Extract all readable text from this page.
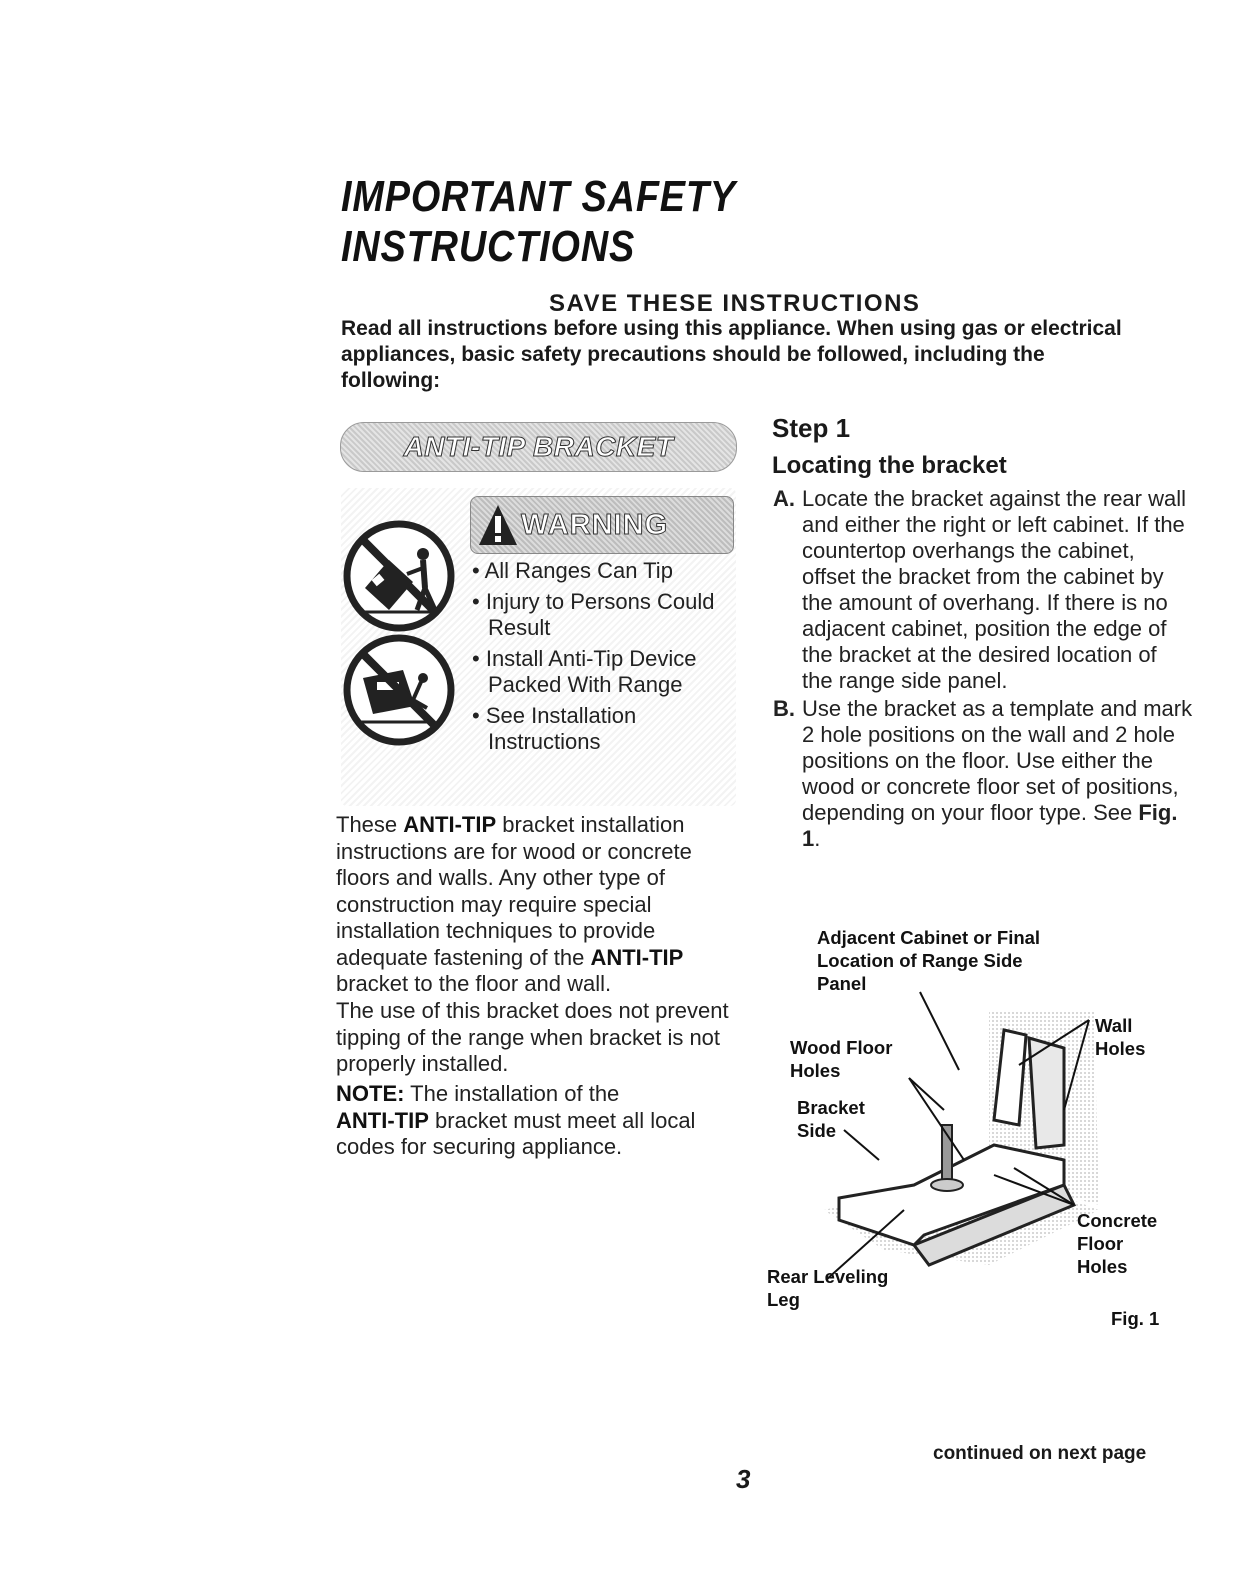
IMPORTANT SAFETY
INSTRUCTIONS
SAVE THESE INSTRUCTIONS
Read all instructions before using this appliance. When using gas or electrical appliances, basic safety precautions should be followed, including the following:
ANTI-TIP BRACKET
WARNING
• All Ranges Can Tip
• Injury to Persons Could Result
• Install Anti-Tip Device Packed With Range
• See Installation Instructions
These ANTI-TIP bracket installation instructions are for wood or concrete floors and walls. Any other type of construction may require special installation techniques to provide adequate fastening of the ANTI-TIP bracket to the floor and wall.
The use of this bracket does not prevent tipping of the range when bracket is not properly installed.
NOTE: The installation of the
ANTI-TIP bracket must meet all local codes for securing appliance.
Step 1
Locating the bracket
A. Locate the bracket against the rear wall and either the right or left cabinet. If the countertop overhangs the cabinet, offset the bracket from the cabinet by the amount of overhang. If there is no adjacent cabinet, position the edge of the bracket at the desired location of the range side panel.
B. Use the bracket as a template and mark 2 hole positions on the wall and 2 hole positions on the floor. Use either the wood or concrete floor set of positions, depending on your floor type. See Fig. 1.
Adjacent Cabinet or Final Location of Range Side Panel
Wood Floor Holes
Bracket Side
Wall Holes
Concrete Floor Holes
Rear Leveling Leg
Fig. 1
continued on next page
3
